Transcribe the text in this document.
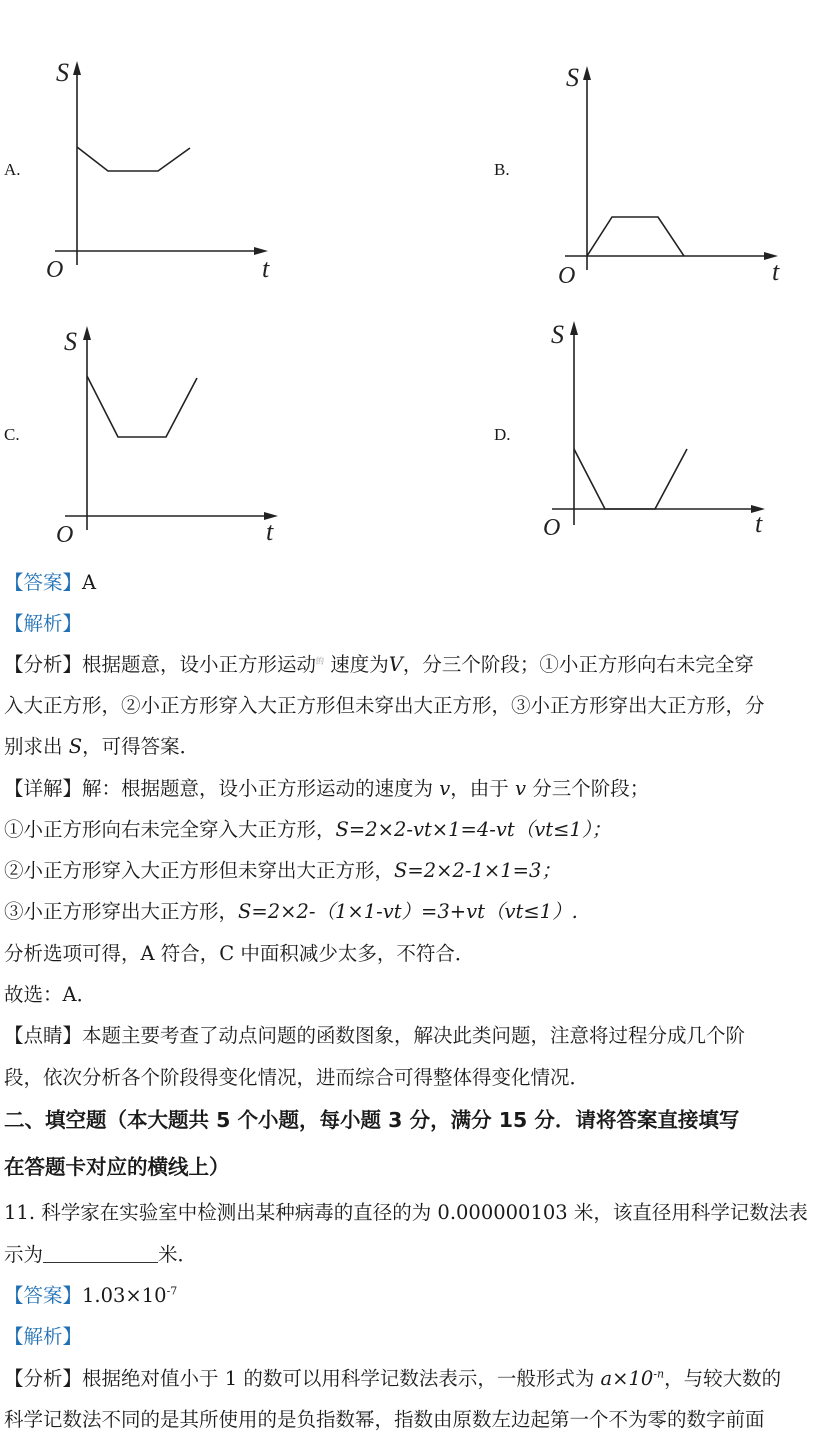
A.
S
t
O
B.
S
t
O
C.
S
t
O
D.
S
t
O
【答案】A
【解析】
【分析】根据题意，设小正方形运动$^的$ 速度为V，分三个阶段；①小正方形向右未完全穿
入大正方形，②小正方形穿入大正方形但未穿出大正方形，③小正方形穿出大正方形，分
别求出 S，可得答案．
【详解】解：根据题意，设小正方形运动的速度为 v，由于 v 分三个阶段；
①小正方形向右未完全穿入大正方形，S=2×2-vt×1=4-vt（vt≤1）；
②小正方形穿入大正方形但未穿出大正方形，S=2×2-1×1=3；
③小正方形穿出大正方形，S=2×2-（1×1-vt）=3+vt（vt≤1）.
分析选项可得，A 符合，C 中面积减少太多，不符合．
故选：A．
【点睛】本题主要考查了动点问题的函数图象，解决此类问题，注意将过程分成几个阶
段，依次分析各个阶段得变化情况，进而综合可得整体得变化情况．
二、填空题（本大题共 5 个小题，每小题 3 分，满分 15 分．请将答案直接填写
在答题卡对应的横线上）
11. 科学家在实验室中检测出某种病毒的直径的为 0.000000103 米，该直径用科学记数法表
示为	米．
【答案】$1.03\times 10^{-7}$
【解析】
【分析】根据绝对值小于 1 的数可以用科学记数法表示，一般形式为 $a\times 10^{-n}$，与较大数的
科学记数法不同的是其所使用的是负指数幂，指数由原数左边起第一个不为零的数字前面
